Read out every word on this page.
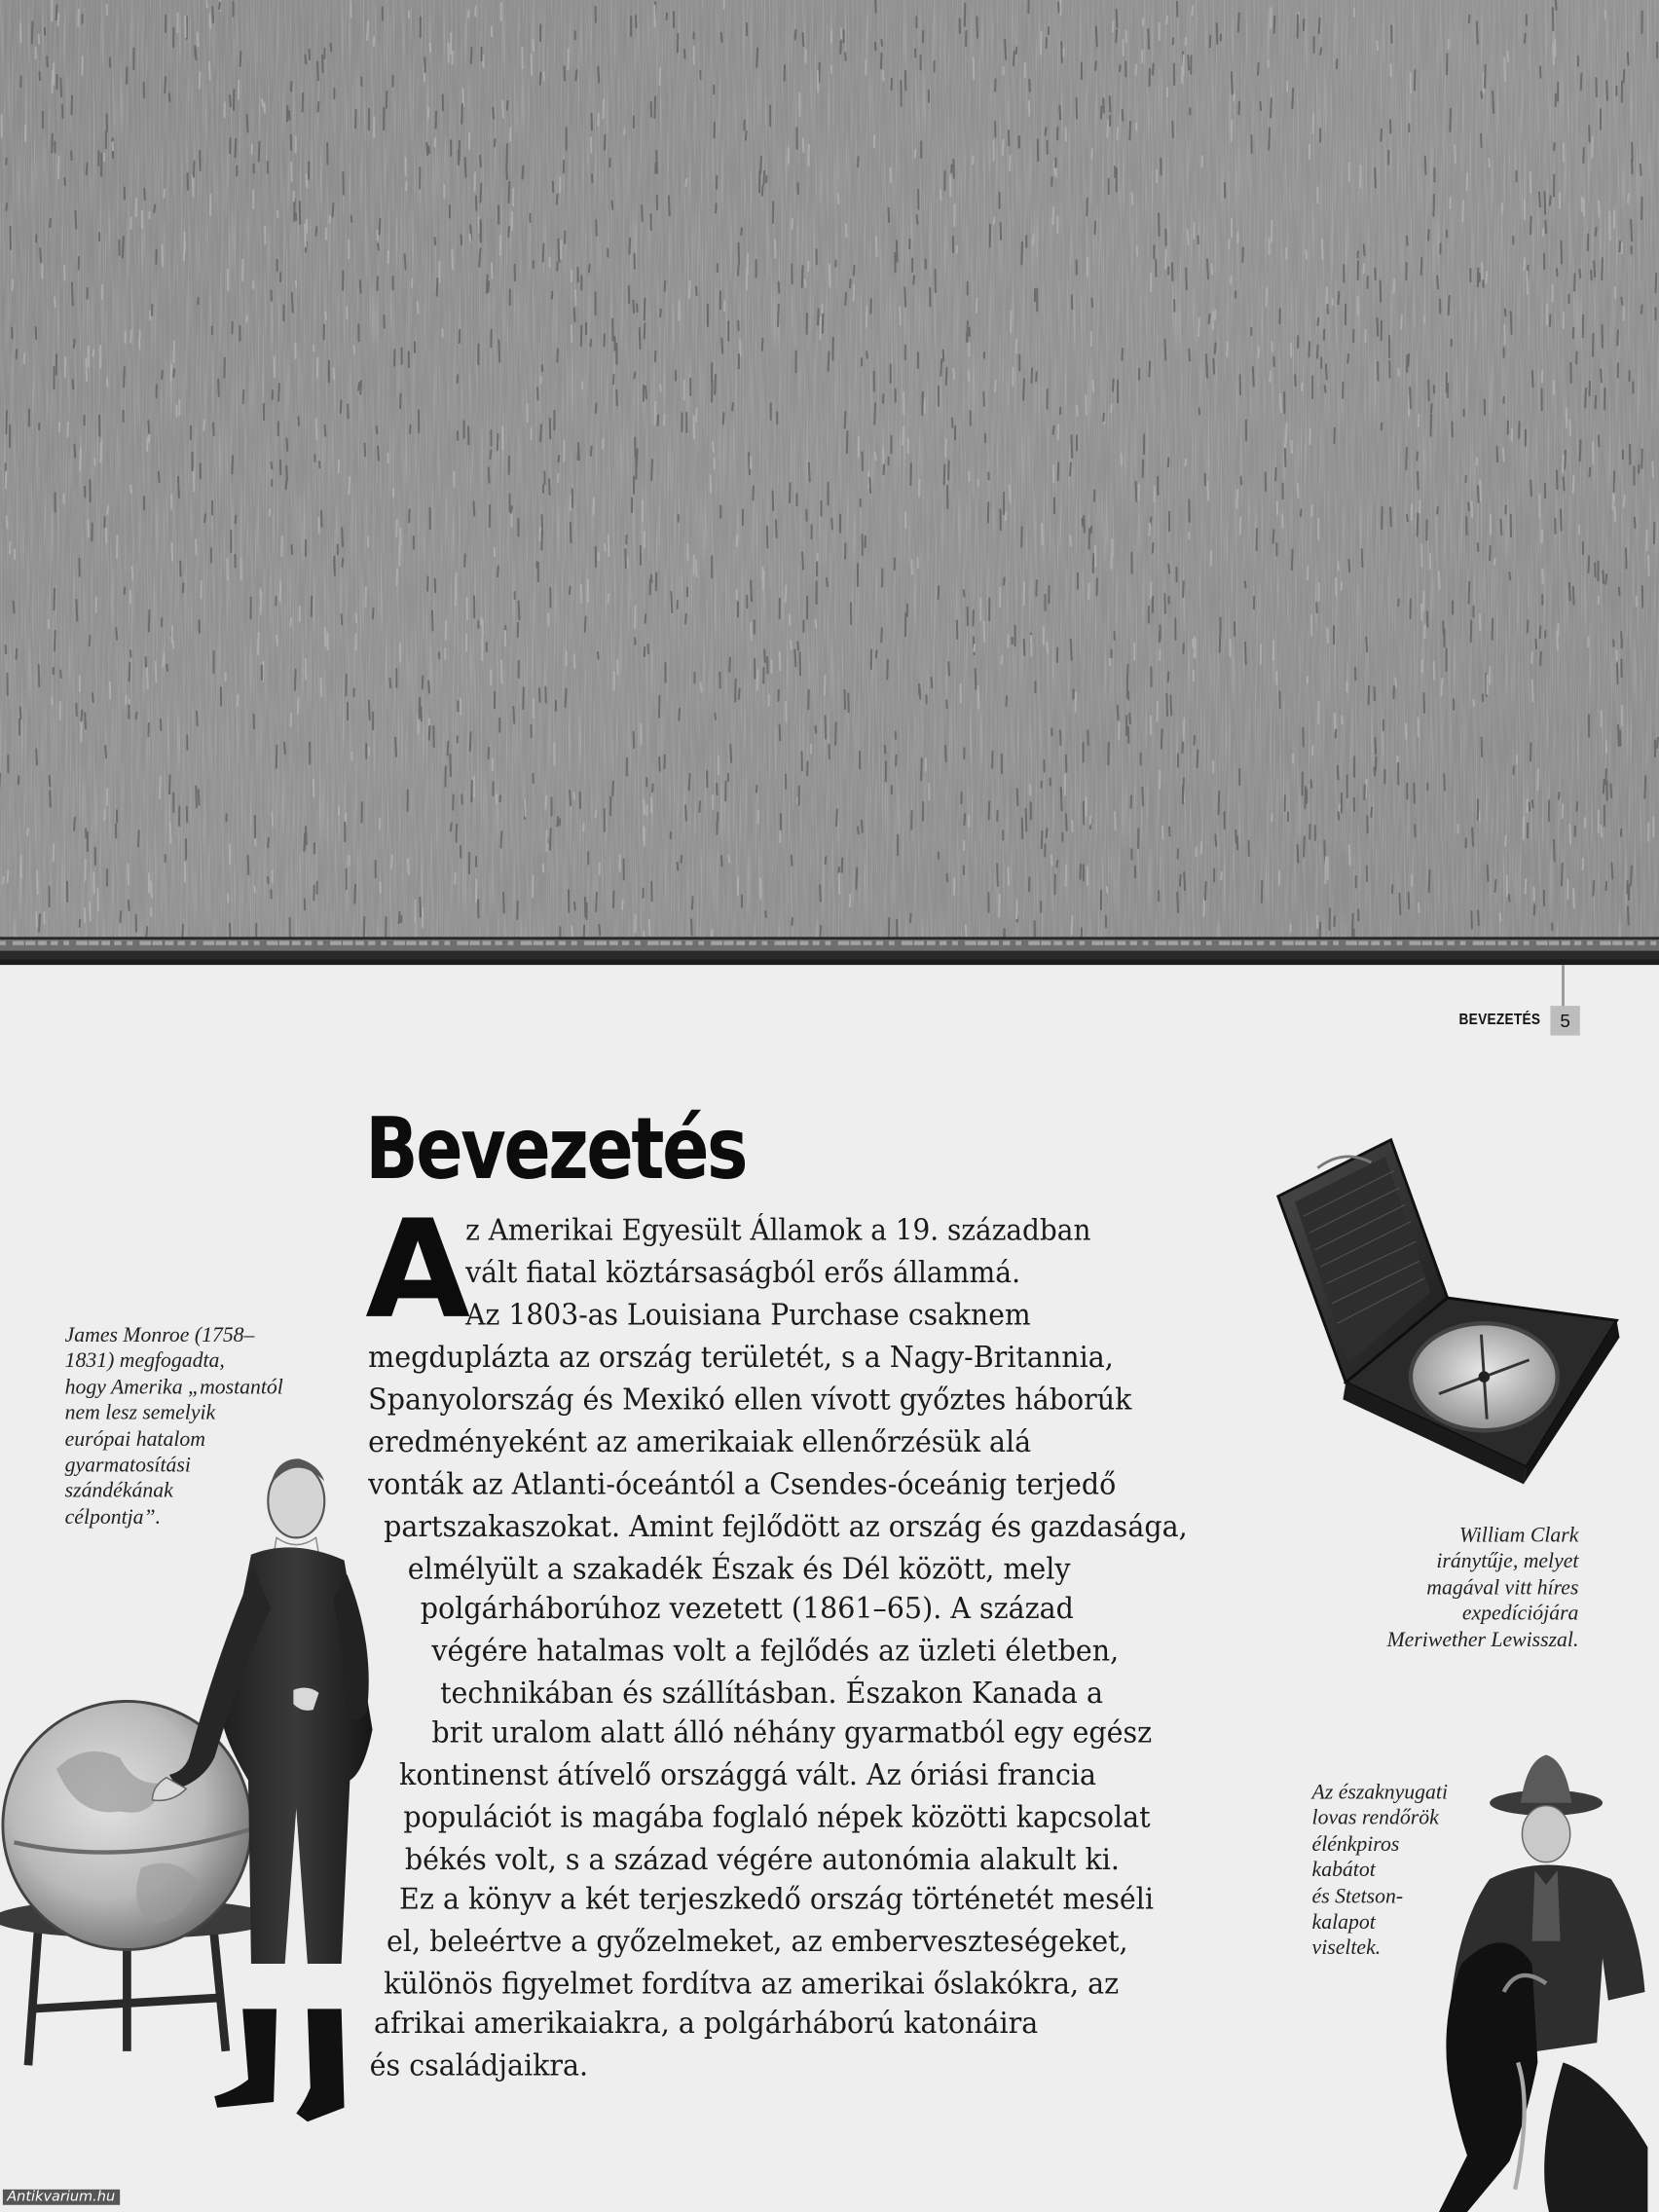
BEVEZETÉS	5
Bevezetés
A
z Amerikai Egyesült Államok a 19. században
vált fiatal köztársaságból erős állammá.
Az 1803-as Louisiana Purchase csaknem
megduplázta az ország területét, s a Nagy-Britannia,
Spanyolország és Mexikó ellen vívott győztes háborúk
eredményeként az amerikaiak ellenőrzésük alá
vonták az Atlanti-óceántól a Csendes-óceánig terjedő
partszakaszokat. Amint fejlődött az ország és gazdasága,
elmélyült a szakadék Észak és Dél között, mely
polgárháborúhoz vezetett (1861–65). A század
végére hatalmas volt a fejlődés az üzleti életben,
technikában és szállításban. Északon Kanada a
brit uralom alatt álló néhány gyarmatból egy egész
kontinenst átívelő országgá vált. Az óriási francia
populációt is magába foglaló népek közötti kapcsolat
békés volt, s a század végére autonómia alakult ki.
Ez a könyv a két terjeszkedő ország történetét meséli
el, beleértve a győzelmeket, az emberveszteségeket,
különös figyelmet fordítva az amerikai őslakókra, az
afrikai amerikaiakra, a polgárháború katonáira
és családjaikra.
James Monroe (1758–
1831) megfogadta,
hogy Amerika „mostantól
nem lesz semelyik
európai hatalom
gyarmatosítási
szándékának
célpontja”.
William Clark
iránytűje, melyet
magával vitt híres
expedíciójára
Meriwether Lewisszal.
Az északnyugati
lovas rendőrök
élénkpiros
kabátot
és Stetson-
kalapot
viseltek.
Antikvarium.hu
